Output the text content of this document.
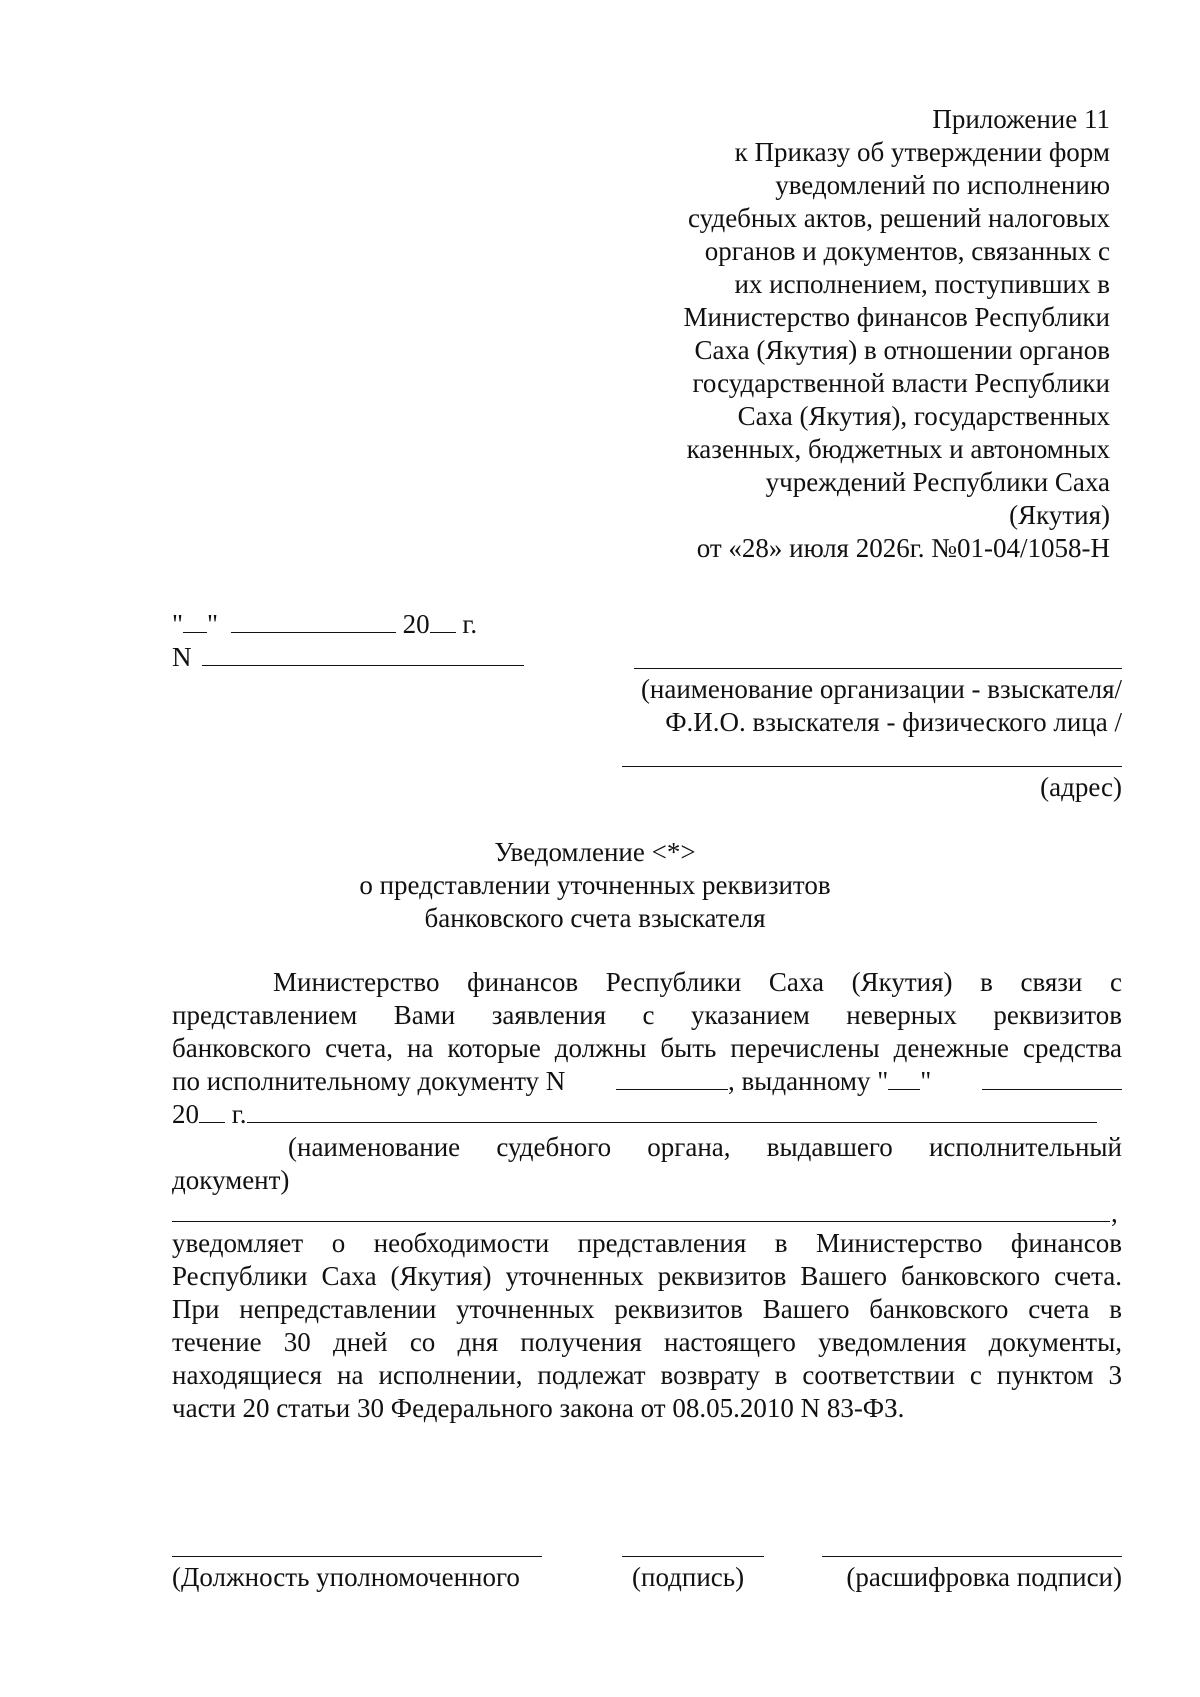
Приложение 11
к Приказу об утверждении форм
уведомлений по исполнению
судебных актов, решений налоговых
органов и документов, связанных с
их исполнением, поступивших в
Министерство финансов Республики
Саха (Якутия) в отношении органов
государственной власти Республики
Саха (Якутия), государственных
казенных, бюджетных и автономных
учреждений Республики Саха
(Якутия)
от «28» июля 2026г. №01-04/1058-Н
" "	20 г.
N
(наименование организации - взыскателя/
Ф.И.О. взыскателя - физического лица /
(адрес)
Уведомление <*>
о представлении уточненных реквизитов
банковского счета взыскателя
Министерство финансов Республики Саха (Якутия) в связи с
представлением Вами заявления с указанием неверных реквизитов
банковского счета, на которые должны быть перечислены денежные средства
по исполнительному документу N	, выданному " "
20 г.
(наименование судебного органа, выдавшего исполнительный
документ)
,
уведомляет о необходимости представления в Министерство финансов
Республики Саха (Якутия) уточненных реквизитов Вашего банковского счета.
При непредставлении уточненных реквизитов Вашего банковского счета в
течение 30 дней со дня получения настоящего уведомления документы,
находящиеся на исполнении, подлежат возврату в соответствии с пунктом 3
части 20 статьи 30 Федерального закона от 08.05.2010 N 83-ФЗ.
(Должность уполномоченного	(подпись)	(расшифровка подписи)
